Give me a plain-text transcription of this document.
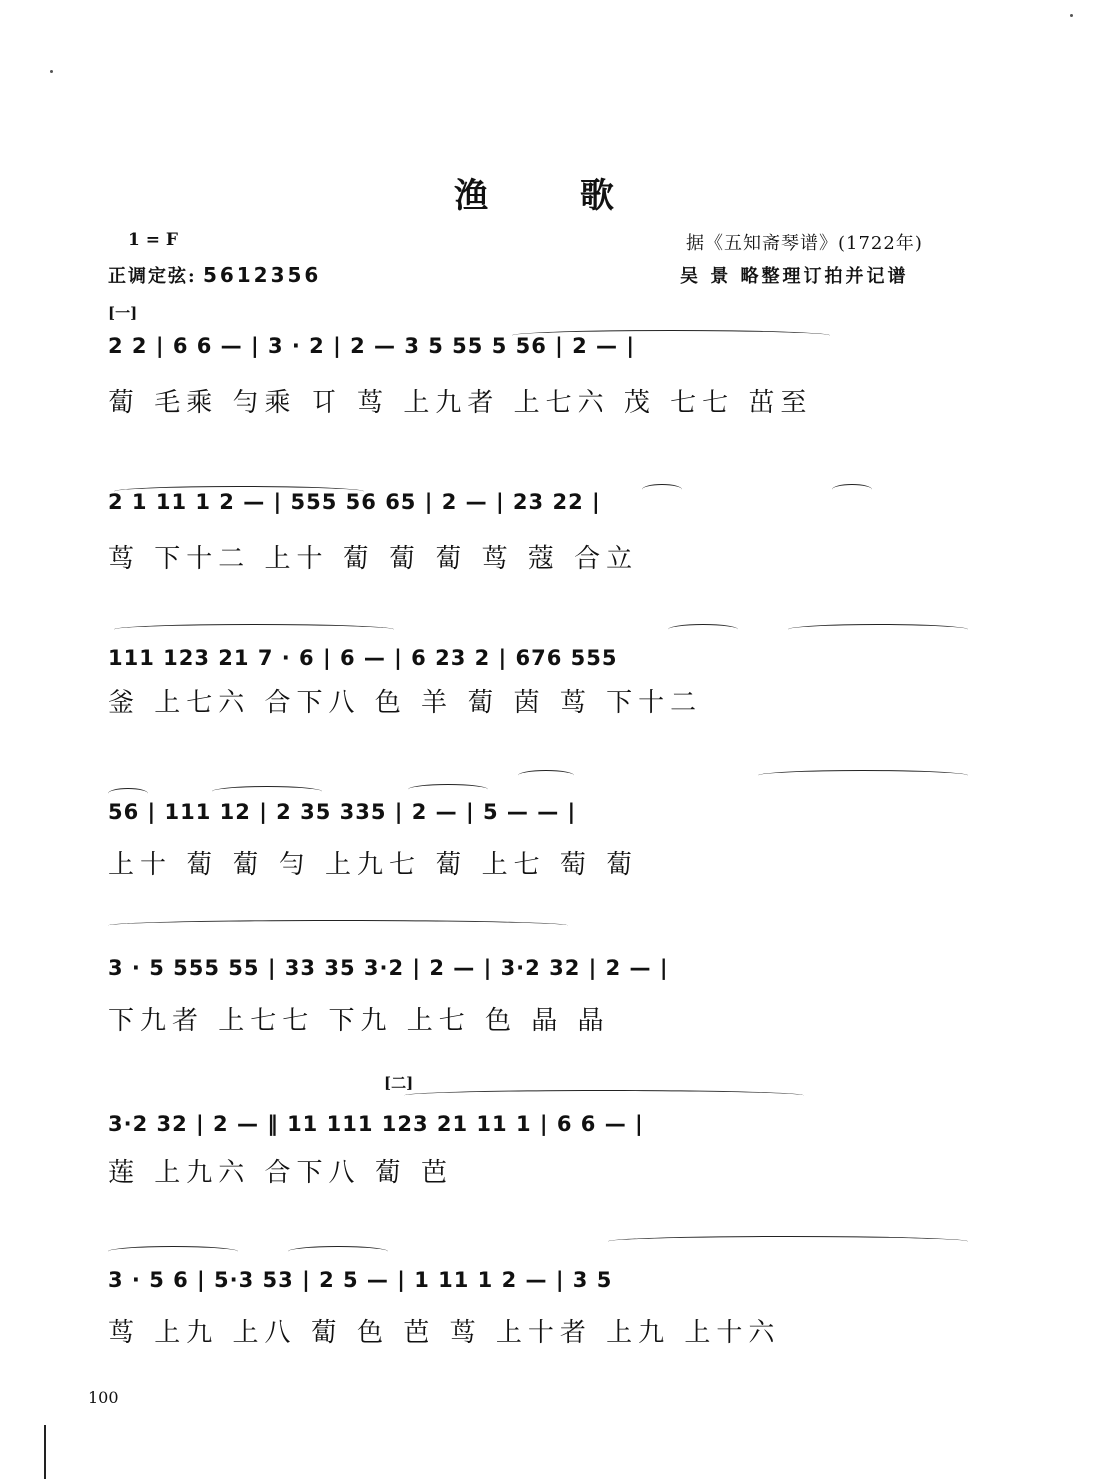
渔 歌
1 = F
正调定弦: 5612356
据《五知斋琴谱》(1722年)
吴 景 略整理订拍并记谱
[一]
[二]
2 2 | 6 6 — | 3 · 2 | 2 — 3 5 55 5 56 | 2 — |
蔔 毛乘 勻乘 㔿 茑 上九者 上七六 茂 七七 茁至
2 1 11 1 2 — | 555 56 65 | 2 — | 23 22 |
茑 下十二 上十 蔔 蔔 蔔 茑 蔻 合立
111 123 21 7 · 6 | 6 — | 6 23 2 | 676 555
釜 上七六 合下八 色 羊 蔔 茵 茑 下十二
56 | 111 12 | 2 35 335 | 2 — | 5 — — |
上十 蔔 蔔 勻 上九七 蔔 上七 萄 蔔
3 · 5 555 55 | 33 35 3·2 | 2 — | 3·2 32 | 2 — |
下九者 上七七 下九 上七 色 晶 晶
3·2 32 | 2 — ‖ 11 111 123 21 11 1 | 6 6 — |
莲 上九六 合下八 蔔 芭
3 · 5 6 | 5·3 53 | 2 5 — | 1 11 1 2 — | 3 5
茑 上九 上八 蔔 色 芭 茑 上十者 上九 上十六
100
